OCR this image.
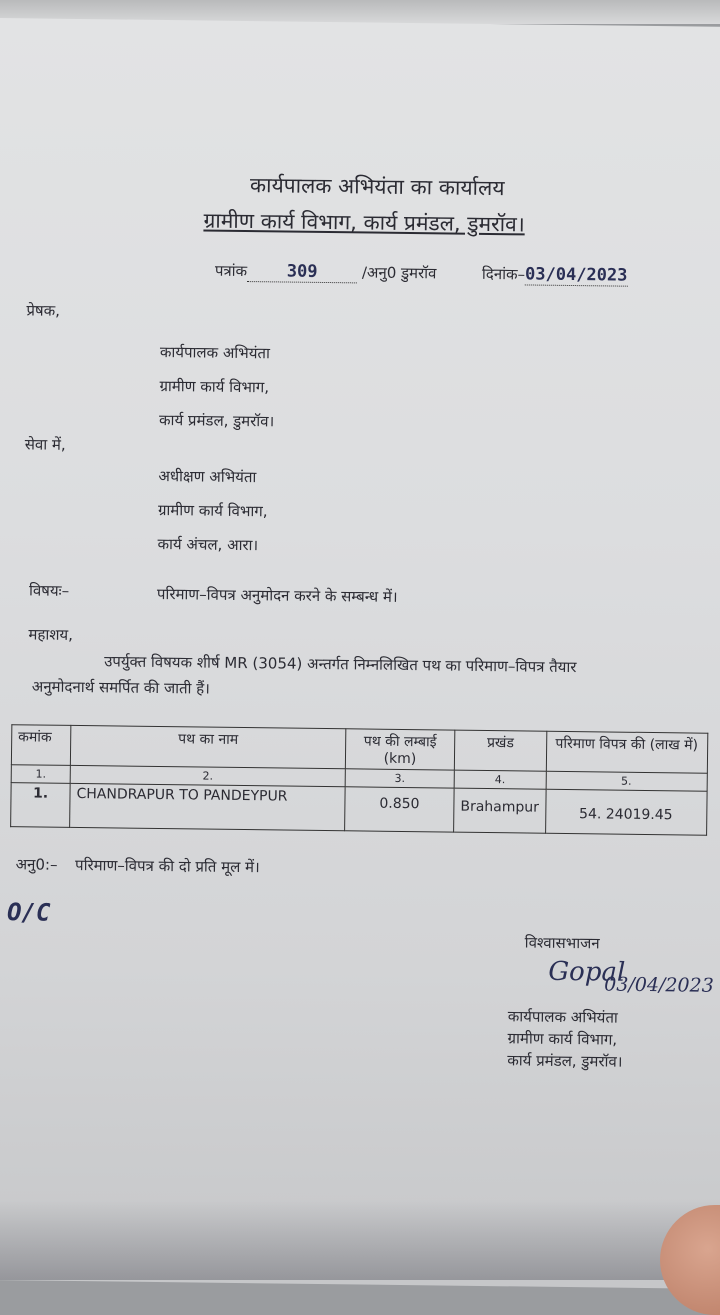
कार्यपालक अभियंता का कार्यालय
ग्रामीण कार्य विभाग, कार्य प्रमंडल, डुमरॉव।
पत्रांक 309	/अनु0 डुमरॉव	दिनांक–03/04/2023
प्रेषक,
कार्यपालक अभियंता
ग्रामीण कार्य विभाग,
कार्य प्रमंडल, डुमरॉव।
सेवा में,
अधीक्षण अभियंता
ग्रामीण कार्य विभाग,
कार्य अंचल, आरा।
विषयः–	परिमाण–विपत्र अनुमोदन करने के सम्बन्ध में।
महाशय,
उपर्युक्त विषयक शीर्ष MR (3054) अन्तर्गत निम्नलिखित पथ का परिमाण–विपत्र तैयार
अनुमोदनार्थ समर्पित की जाती हैं।
कमांक	पथ का नाम	पथ की लम्बाई (km)	प्रखंड	परिमाण विपत्र की (लाख में)
1.	2.	3.	4.	5.
1.	CHANDRAPUR TO PANDEYPUR	0.850	Brahampur	54. 24019.45
अनु0:– परिमाण–विपत्र की दो प्रति मूल में।
O/C
विश्वासभाजन
Gopal
03/04/2023
कार्यपालक अभियंता
ग्रामीण कार्य विभाग,
कार्य प्रमंडल, डुमरॉव।
